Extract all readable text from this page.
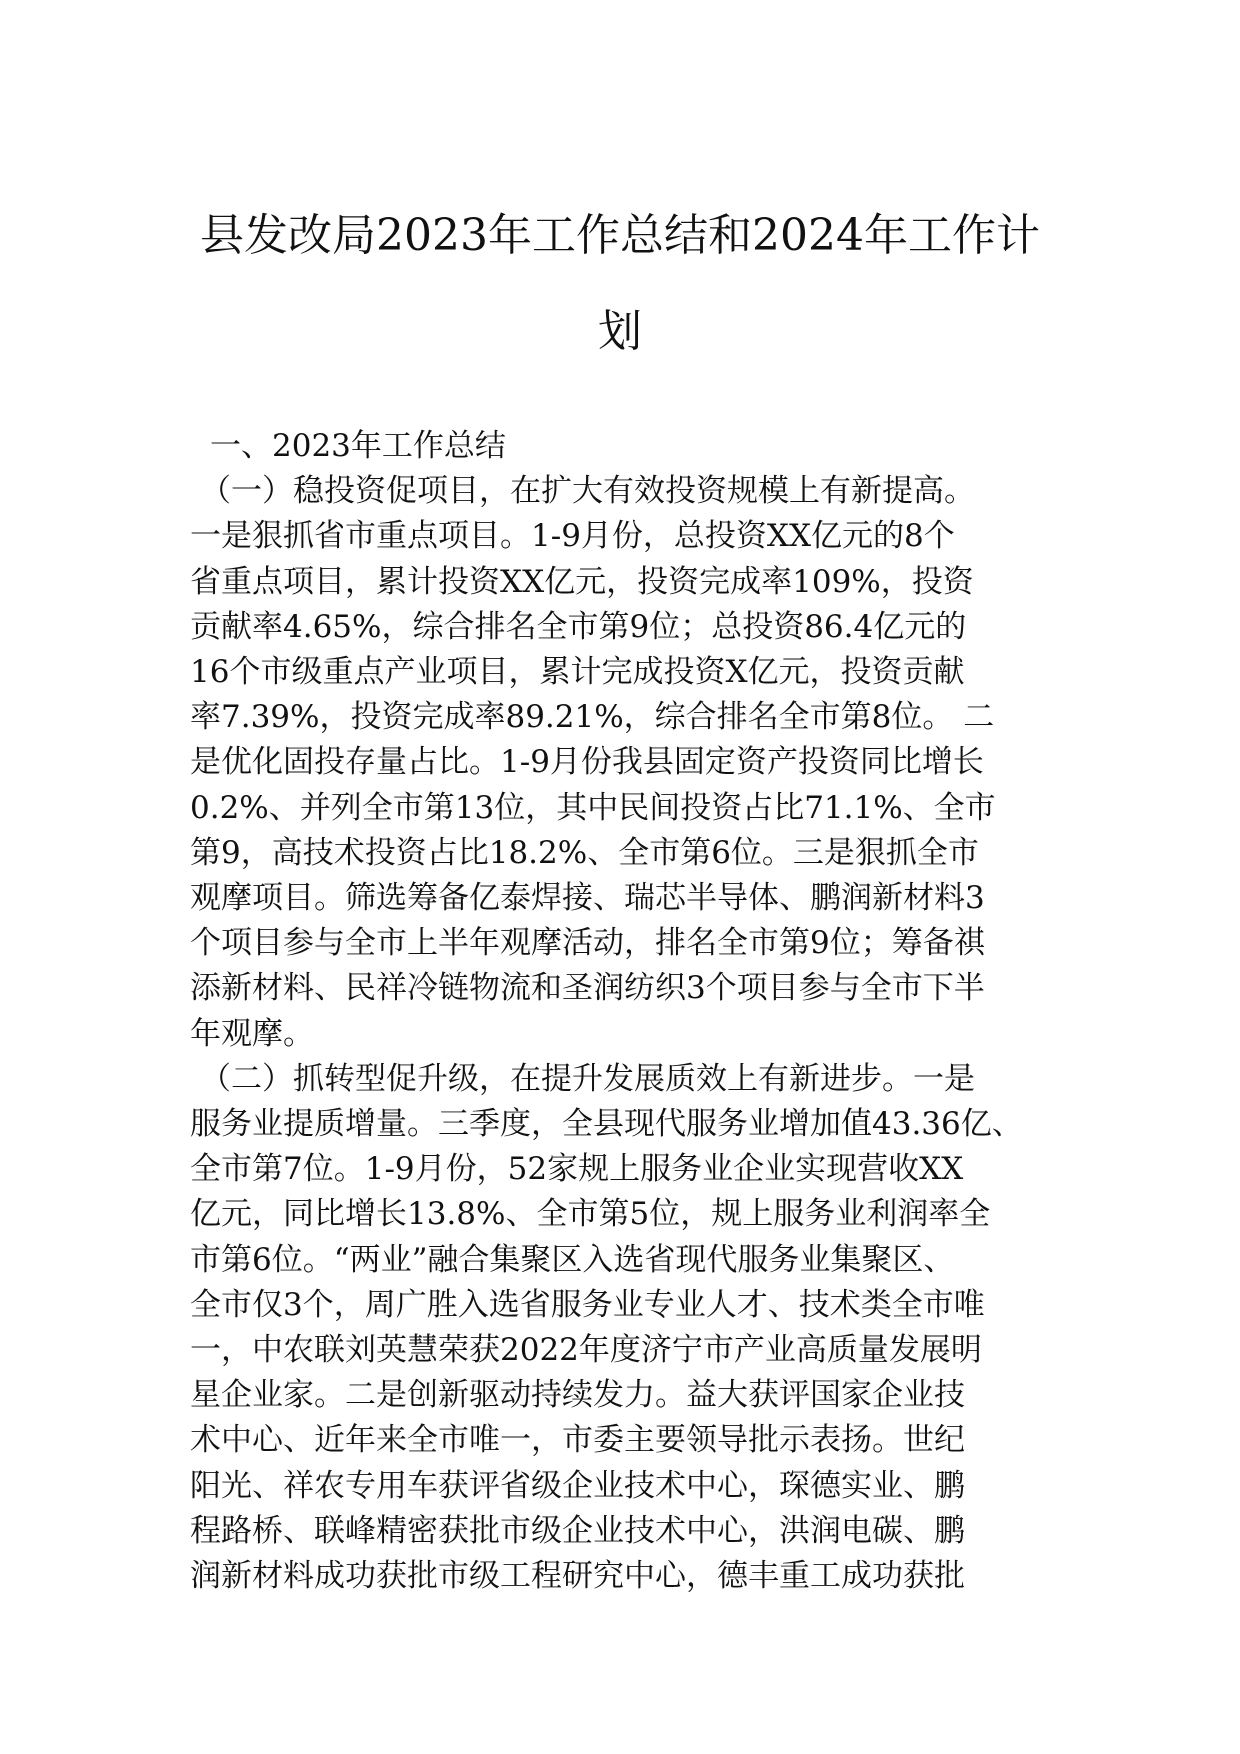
县发改局2023年工作总结和2024年工作计
划
一、2023年工作总结
（一）稳投资促项目，在扩大有效投资规模上有新提高。
一是狠抓省市重点项目。1-9月份，总投资XX亿元的8个
省重点项目，累计投资XX亿元，投资完成率109%，投资
贡献率4.65%，综合排名全市第9位；总投资86.4亿元的
16个市级重点产业项目，累计完成投资X亿元，投资贡献
率7.39%，投资完成率89.21%，综合排名全市第8位。 二
是优化固投存量占比。1-9月份我县固定资产投资同比增长
0.2%、并列全市第13位，其中民间投资占比71.1%、全市
第9，高技术投资占比18.2%、全市第6位。三是狠抓全市
观摩项目。筛选筹备亿泰焊接、瑞芯半导体、鹏润新材料3
个项目参与全市上半年观摩活动，排名全市第9位；筹备祺
添新材料、民祥冷链物流和圣润纺织3个项目参与全市下半
年观摩。
（二）抓转型促升级，在提升发展质效上有新进步。一是
服务业提质增量。三季度，全县现代服务业增加值43.36亿、
全市第7位。1-9月份，52家规上服务业企业实现营收XX
亿元，同比增长13.8%、全市第5位，规上服务业利润率全
市第6位。“两业”融合集聚区入选省现代服务业集聚区、
全市仅3个，周广胜入选省服务业专业人才、技术类全市唯
一，中农联刘英慧荣获2022年度济宁市产业高质量发展明
星企业家。二是创新驱动持续发力。益大获评国家企业技
术中心、近年来全市唯一，市委主要领导批示表扬。世纪
阳光、祥农专用车获评省级企业技术中心，琛德实业、鹏
程路桥、联峰精密获批市级企业技术中心，洪润电碳、鹏
润新材料成功获批市级工程研究中心，德丰重工成功获批
